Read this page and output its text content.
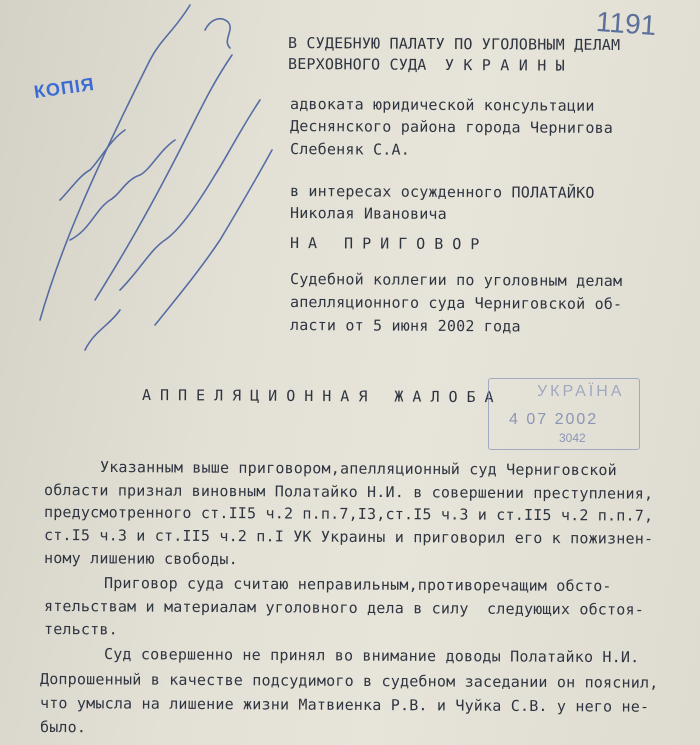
1191
КОПІЯ
В СУДЕБНУЮ ПАЛАТУ ПО УГОЛОВНЫМ ДЕЛАМ
ВЕРХОВНОГО СУДА  У К Р А И Н Ы
адвоката юридической консультации
Деснянского района города Чернигова
Слебеняк С.А.
в интересах осужденного ПОЛАТАЙКО
Николая Ивановича
НА ПРИГОВОР
Судебной коллегии по уголовным делам
апелляционного суда Черниговской об-
ласти от 5 июня 2002 года
АППЕЛЯЦИОННАЯ ЖАЛОБА УКРАЇНА
4 07 2002
3042
Указанным выше приговором,апелляционный суд Черниговской
области признал виновным Полатайко Н.И. в совершении преступления,
предусмотренного ст.II5 ч.2 п.п.7,I3,ст.I5 ч.3 и ст.II5 ч.2 п.п.7,
ст.I5 ч.3 и ст.II5 ч.2 п.I УК Украины и приговорил его к пожизнен-
ному лишению свободы.
Приговор суда считаю неправильным,противоречащим обсто-
ятельствам и материалам уголовного дела в силу  следующих обстоя-
тельств.
Суд совершенно не принял во внимание доводы Полатайко Н.И.
Допрошенный в качестве подсудимого в судебном заседании он пояснил,
что умысла на лишение жизни Матвиенка Р.В. и Чуйка С.В. у него не-
было.
